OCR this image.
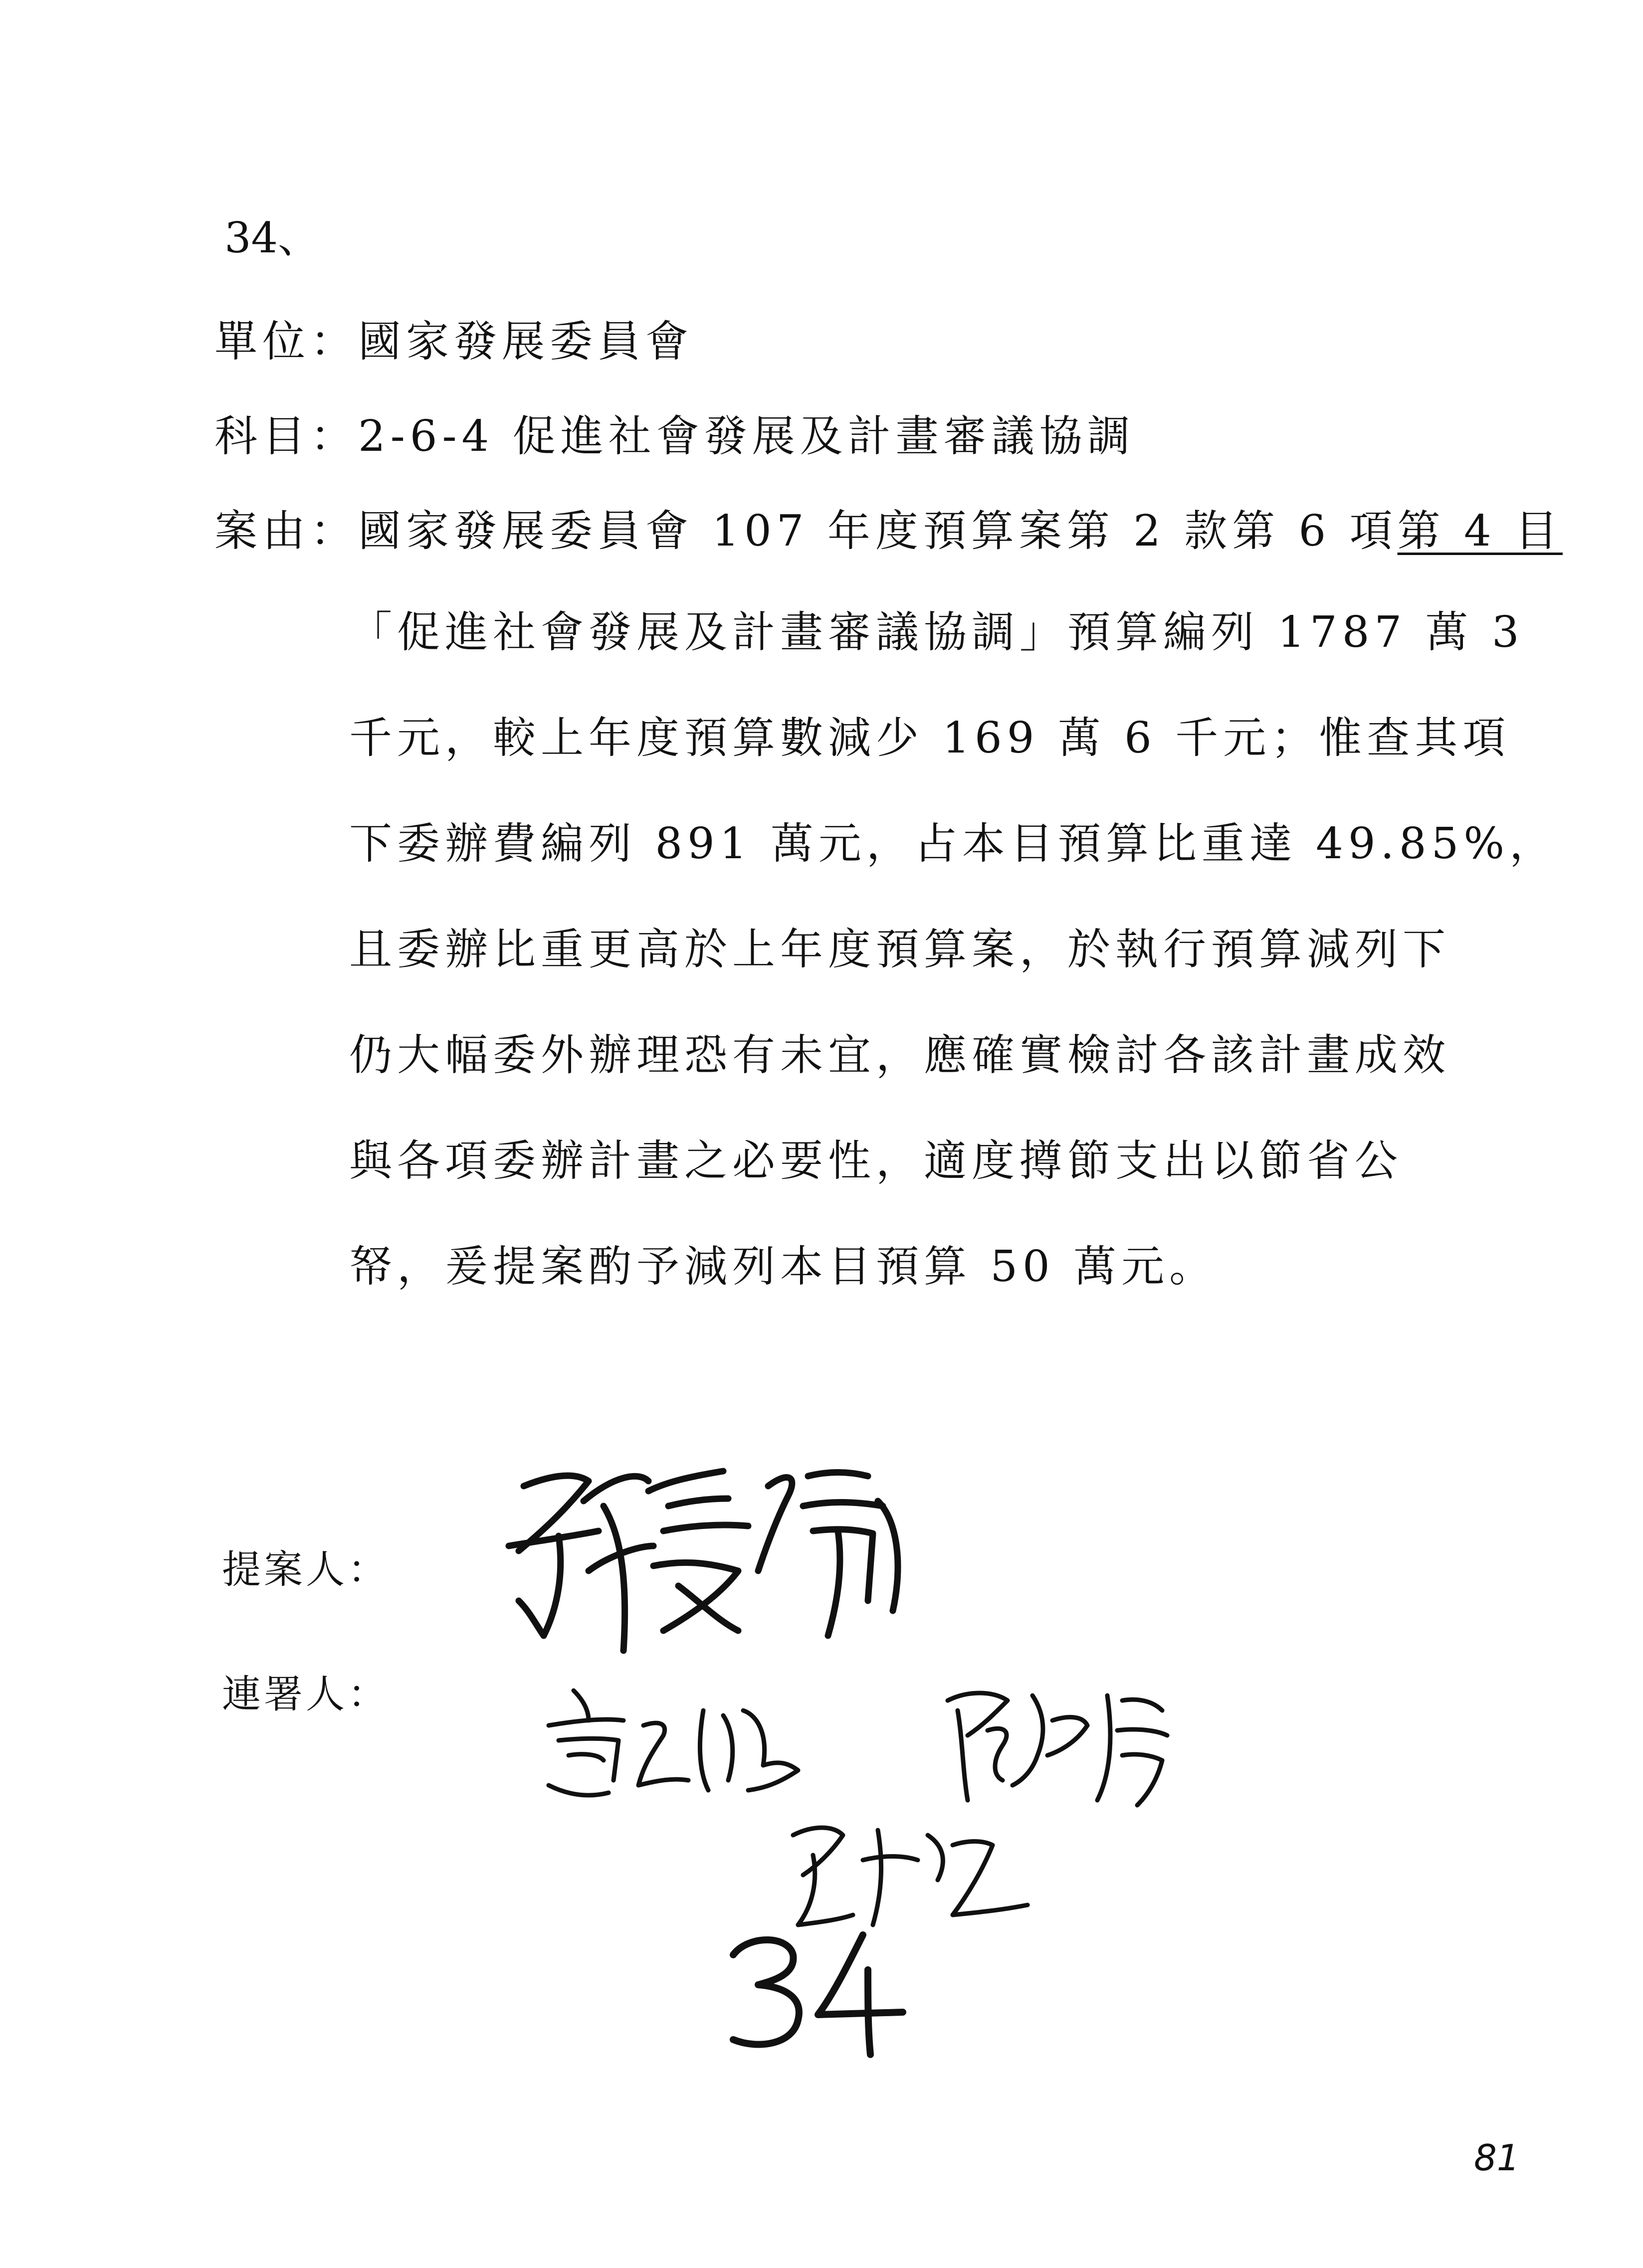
34、
單位：國家發展委員會
科目：2-6-4 促進社會發展及計畫審議協調
案由：國家發展委員會 107 年度預算案第 2 款第 6 項第 4 目
「促進社會發展及計畫審議協調」預算編列 1787 萬 3
千元，較上年度預算數減少 169 萬 6 千元；惟查其項
下委辦費編列 891 萬元，占本目預算比重達 49.85%，
且委辦比重更高於上年度預算案，於執行預算減列下
仍大幅委外辦理恐有未宜，應確實檢討各該計畫成效
與各項委辦計畫之必要性，適度撙節支出以節省公
帑，爰提案酌予減列本目預算 50 萬元。
提案人：
連署人：
81
